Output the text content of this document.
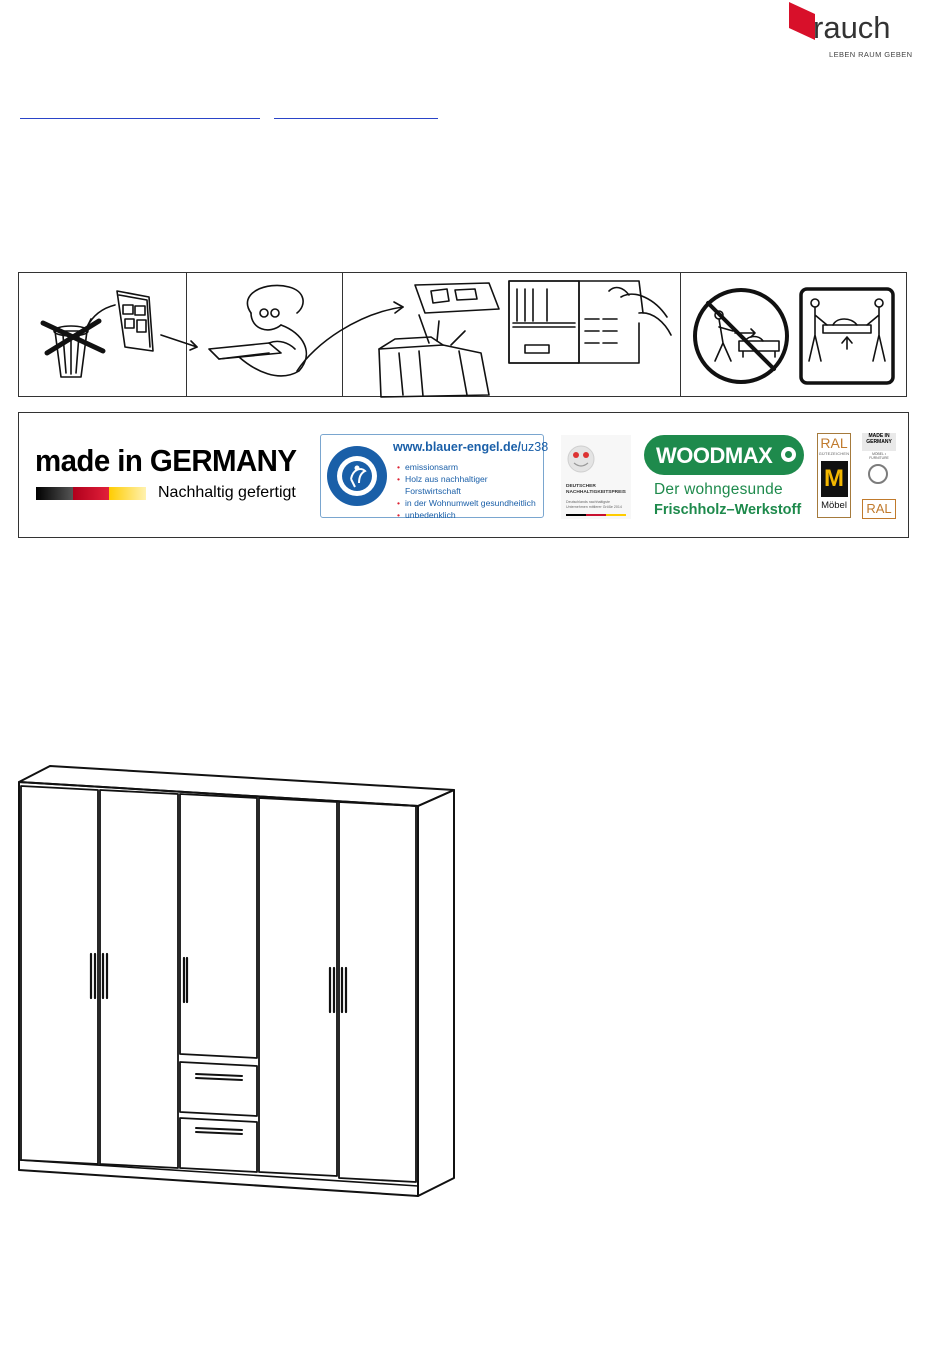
rauch
LEBEN RAUM GEBEN
made in GERMANY
Nachhaltig gefertigt
www.blauer-engel.de/uz38
• emissionsarm
• Holz aus nachhaltiger Forstwirtschaft
• in der Wohnumwelt gesundheitlich
• unbedenklich
DEUTSCHER
NACHHALTIGKEITSPREIS
Deutschlands nachhaltigste Unternehmen mittlerer Größe 2014
WOODMAX
Der wohngesunde
Frischholz–Werkstoff
RAL
GÜTEZEICHEN
M
Möbel
MADE IN
GERMANY
MÖBEL • FURNITURE
RAL
